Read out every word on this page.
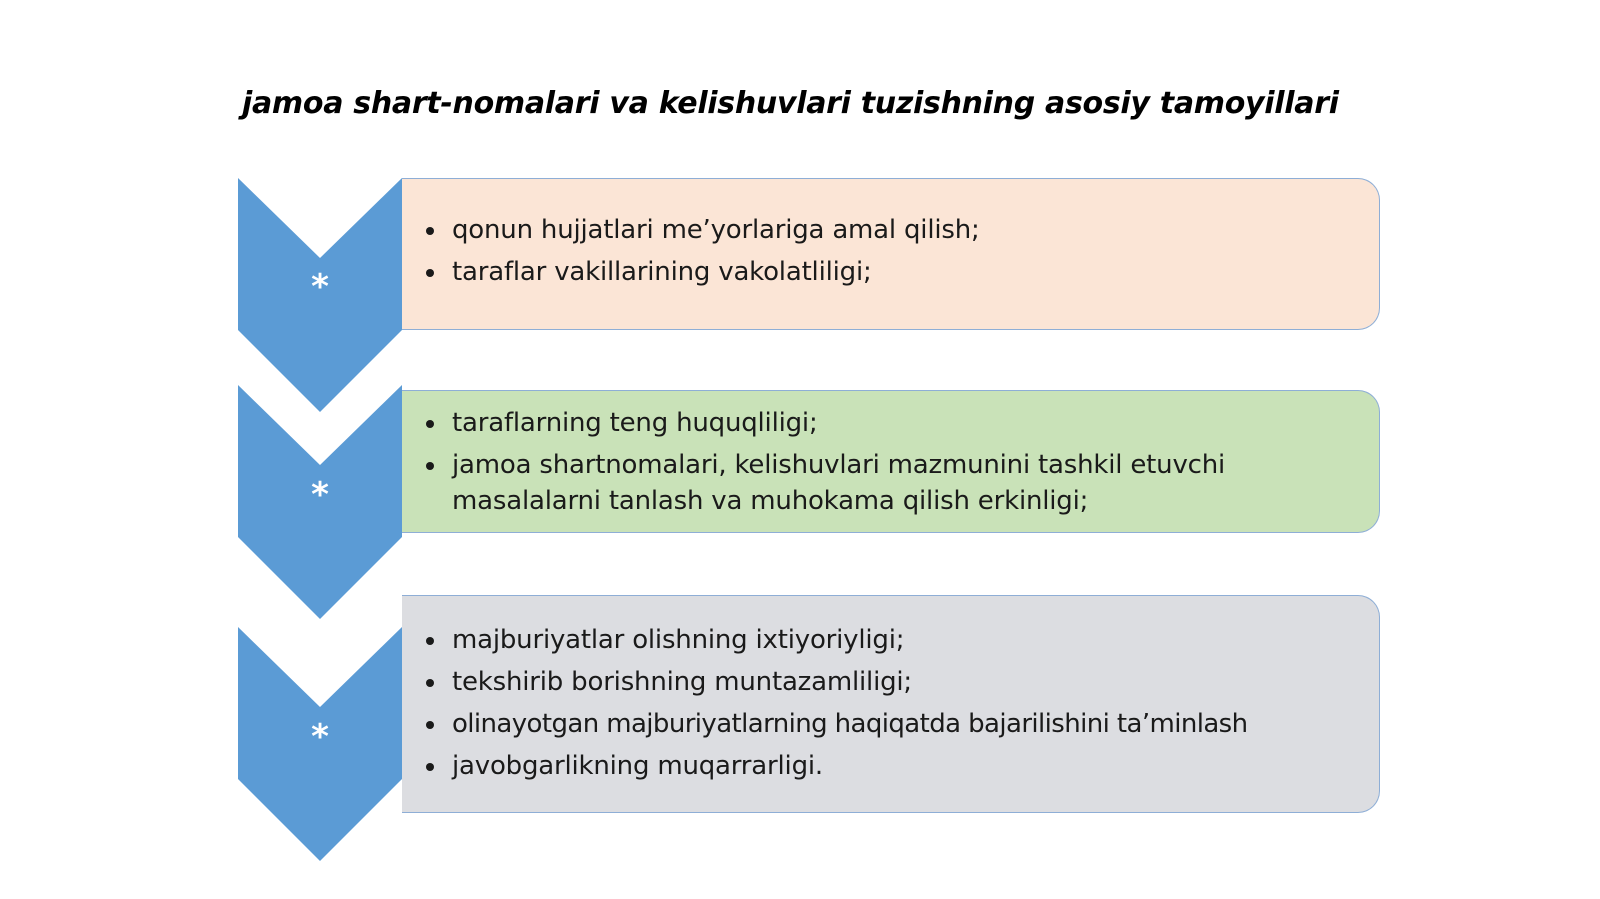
jamoa shart-nomalari va kelishuvlari tuzishning asosiy tamoyillari
*
*
*
qonun hujjatlari me’yorlariga amal qilish;
taraflar vakillarining vakolatliligi;
taraflarning teng huquqliligi;
jamoa shartnomalari, kelishuvlari mazmunini tashkil etuvchi masalalarni tanlash va muhokama qilish erkinligi;
majburiyatlar olishning ixtiyoriyligi;
tekshirib borishning muntazamliligi;
olinayotgan majburiyatlarning haqiqatda bajarilishini ta’minlash
javobgarlikning muqarrarligi.
